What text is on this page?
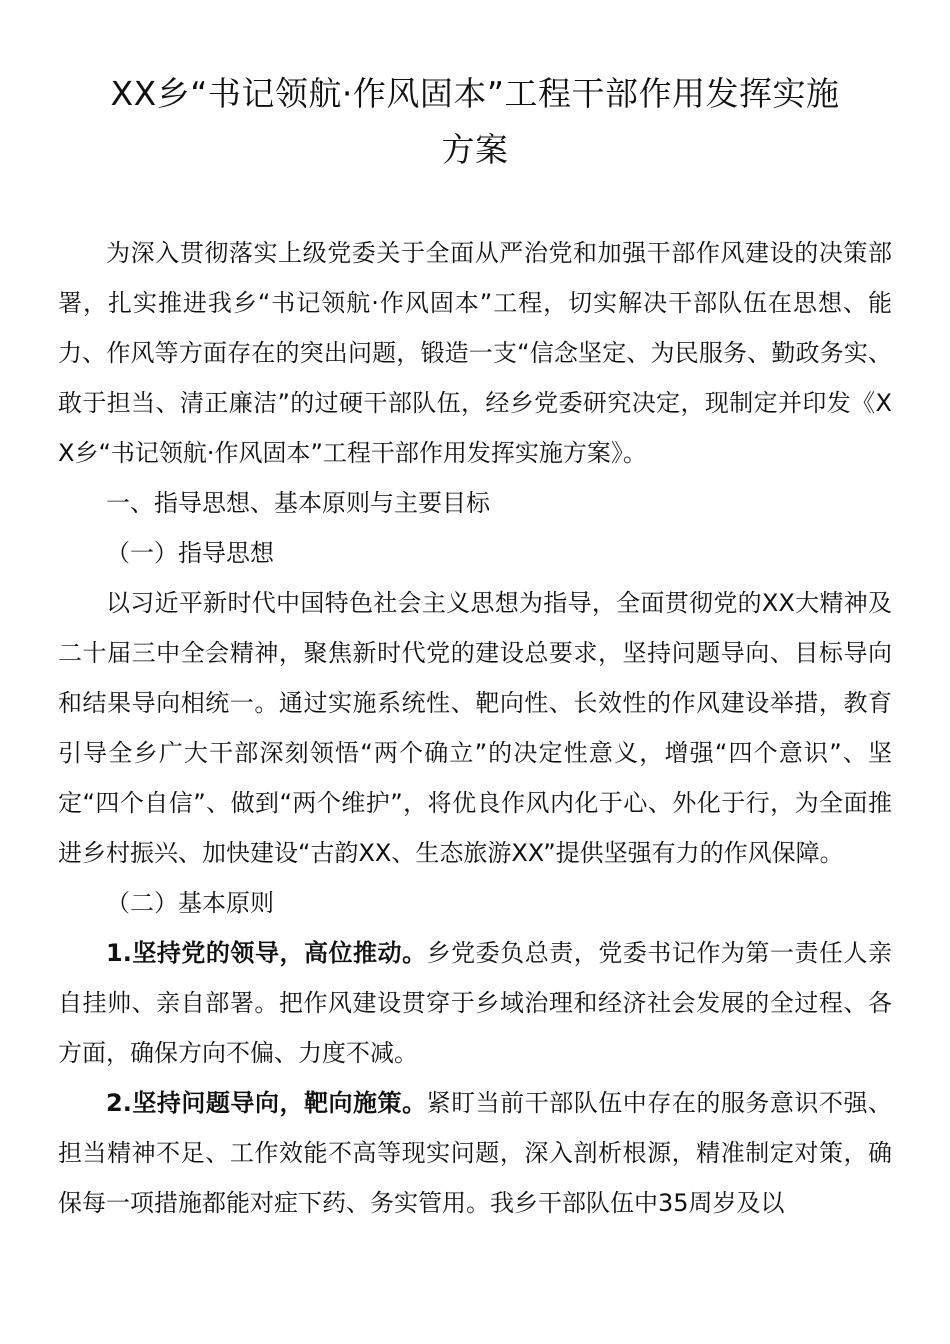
XX乡“书记领航·作风固本”工程干部作用发挥实施
方案

为深入贯彻落实上级党委关于全面从严治党和加强干部作风建设的决策部署，扎实推进我乡“书记领航·作风固本”工程，切实解决干部队伍在思想、能力、作风等方面存在的突出问题，锻造一支“信念坚定、为民服务、勤政务实、敢于担当、清正廉洁”的过硬干部队伍，经乡党委研究决定，现制定并印发《XX乡“书记领航·作风固本”工程干部作用发挥实施方案》。

一、指导思想、基本原则与主要目标

（一）指导思想

以习近平新时代中国特色社会主义思想为指导，全面贯彻党的XX大精神及二十届三中全会精神，聚焦新时代党的建设总要求，坚持问题导向、目标导向和结果导向相统一。通过实施系统性、靶向性、长效性的作风建设举措，教育引导全乡广大干部深刻领悟“两个确立”的决定性意义，增强“四个意识”、坚定“四个自信”、做到“两个维护”，将优良作风内化于心、外化于行，为全面推进乡村振兴、加快建设“古韵XX、生态旅游XX”提供坚强有力的作风保障。

（二）基本原则

1.坚持党的领导，高位推动。乡党委负总责，党委书记作为第一责任人亲自挂帅、亲自部署。把作风建设贯穿于乡域治理和经济社会发展的全过程、各方面，确保方向不偏、力度不减。

2.坚持问题导向，靶向施策。紧盯当前干部队伍中存在的服务意识不强、担当精神不足、工作效能不高等现实问题，深入剖析根源，精准制定对策，确保每一项措施都能对症下药、务实管用。我乡干部队伍中35周岁及以
